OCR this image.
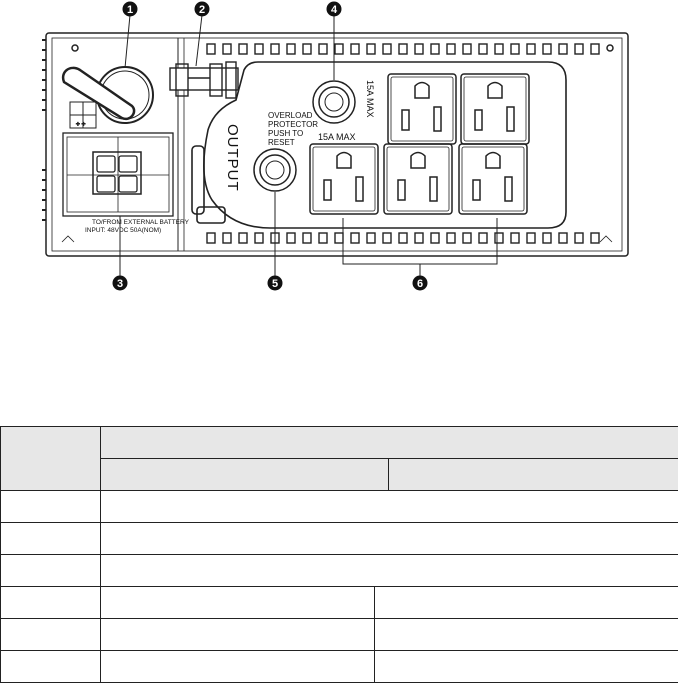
+ +
TO/FROM EXTERNAL BATTERY
INPUT: 48VDC 50A(NOM)
OUTPUT
OVERLOAD
PROTECTOR
PUSH TO
RESET
15A MAX
15A MAX
1	2	4
3	5	6
